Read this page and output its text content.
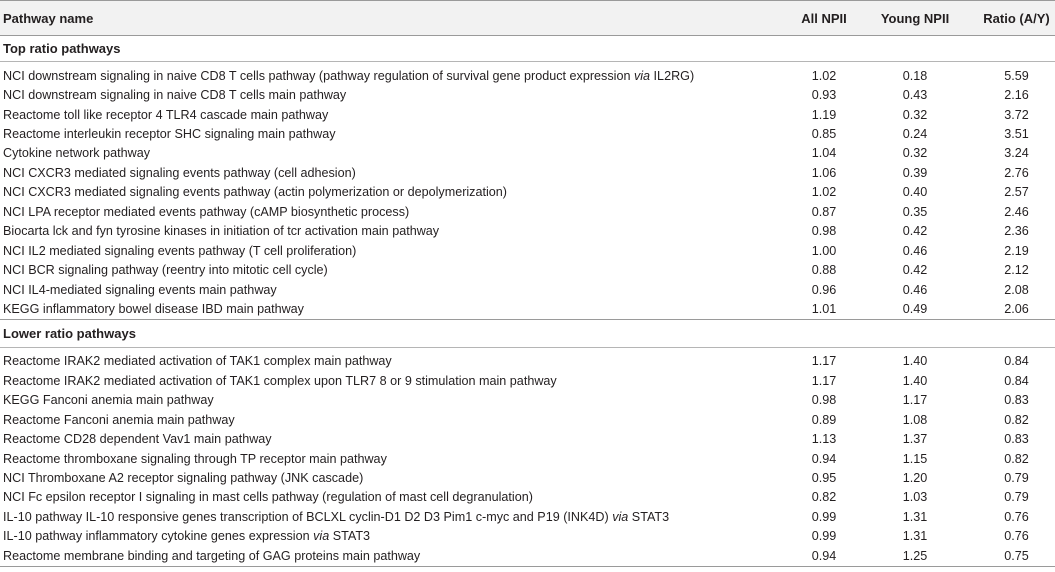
Pathway name	All NPII	Young NPII	Ratio (A/Y)
Top ratio pathways
NCI downstream signaling in naive CD8 T cells pathway (pathway regulation of survival gene product expression via IL2RG)	1.02	0.18	5.59
NCI downstream signaling in naive CD8 T cells main pathway	0.93	0.43	2.16
Reactome toll like receptor 4 TLR4 cascade main pathway	1.19	0.32	3.72
Reactome interleukin receptor SHC signaling main pathway	0.85	0.24	3.51
Cytokine network pathway	1.04	0.32	3.24
NCI CXCR3 mediated signaling events pathway (cell adhesion)	1.06	0.39	2.76
NCI CXCR3 mediated signaling events pathway (actin polymerization or depolymerization)	1.02	0.40	2.57
NCI LPA receptor mediated events pathway (cAMP biosynthetic process)	0.87	0.35	2.46
Biocarta lck and fyn tyrosine kinases in initiation of tcr activation main pathway	0.98	0.42	2.36
NCI IL2 mediated signaling events pathway (T cell proliferation)	1.00	0.46	2.19
NCI BCR signaling pathway (reentry into mitotic cell cycle)	0.88	0.42	2.12
NCI IL4-mediated signaling events main pathway	0.96	0.46	2.08
KEGG inflammatory bowel disease IBD main pathway	1.01	0.49	2.06
Lower ratio pathways
Reactome IRAK2 mediated activation of TAK1 complex main pathway	1.17	1.40	0.84
Reactome IRAK2 mediated activation of TAK1 complex upon TLR7 8 or 9 stimulation main pathway	1.17	1.40	0.84
KEGG Fanconi anemia main pathway	0.98	1.17	0.83
Reactome Fanconi anemia main pathway	0.89	1.08	0.82
Reactome CD28 dependent Vav1 main pathway	1.13	1.37	0.83
Reactome thromboxane signaling through TP receptor main pathway	0.94	1.15	0.82
NCI Thromboxane A2 receptor signaling pathway (JNK cascade)	0.95	1.20	0.79
NCI Fc epsilon receptor I signaling in mast cells pathway (regulation of mast cell degranulation)	0.82	1.03	0.79
IL-10 pathway IL-10 responsive genes transcription of BCLXL cyclin-D1 D2 D3 Pim1 c-myc and P19 (INK4D) via STAT3	0.99	1.31	0.76
IL-10 pathway inflammatory cytokine genes expression via STAT3	0.99	1.31	0.76
Reactome membrane binding and targeting of GAG proteins main pathway	0.94	1.25	0.75
